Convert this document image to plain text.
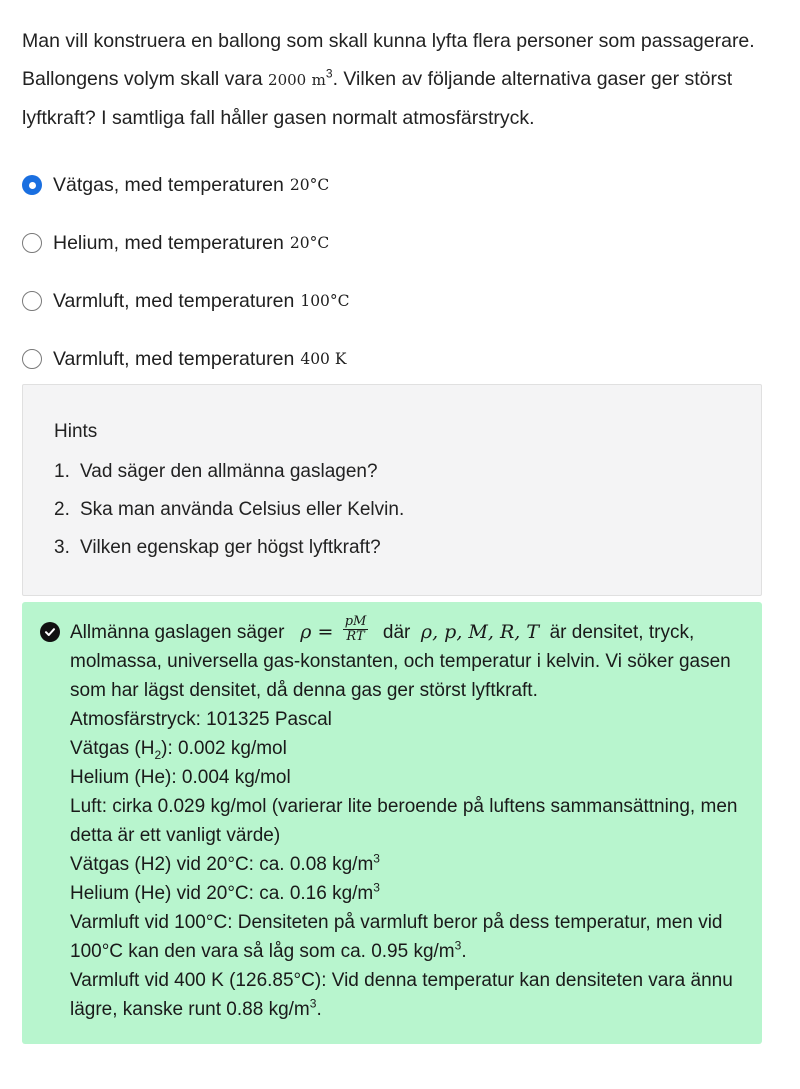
Man vill konstruera en ballong som skall kunna lyfta flera personer som passagerare. Ballongens volym skall vara 2000 $m^3$. Vilken av följande alternativa gaser ger störst lyftkraft? I samtliga fall håller gasen normalt atmosfärstryck.

Vätgas, med temperaturen 20°C
Helium, med temperaturen 20°C
Varmluft, med temperaturen 100°C
Varmluft, med temperaturen 400 K
Hints
1. Vad säger den allmänna gaslagen?
2. Ska man använda Celsius eller Kelvin.
3. Vilken egenskap ger högst lyftkraft?
Allmänna gaslagen säger $\rho = \frac{pM}{RT}$ där ρ, p, M, R, T är densitet, tryck, molmassa, universella gas-konstanten, och temperatur i kelvin. Vi söker gasen som har lägst densitet, då denna gas ger störst lyftkraft.
Atmosfärstryck: 101325 Pascal
Vätgas $(H_2)$: 0.002 kg/mol
Helium (He): 0.004 kg/mol
Luft: cirka 0.029 kg/mol (varierar lite beroende på luftens sammansättning, men detta är ett vanligt värde)
Vätgas (H2) vid 20°C: ca. 0.08 $kg/m^3$
Helium (He) vid 20°C: ca. 0.16 $kg/m^3$
Varmluft vid 100°C: Densiteten på varmluft beror på dess temperatur, men vid 100°C kan den vara så låg som ca. 0.95 $kg/m^3$.
Varmluft vid 400 K (126.85°C): Vid denna temperatur kan densiteten vara ännu lägre, kanske runt 0.88 $kg/m^3$.
